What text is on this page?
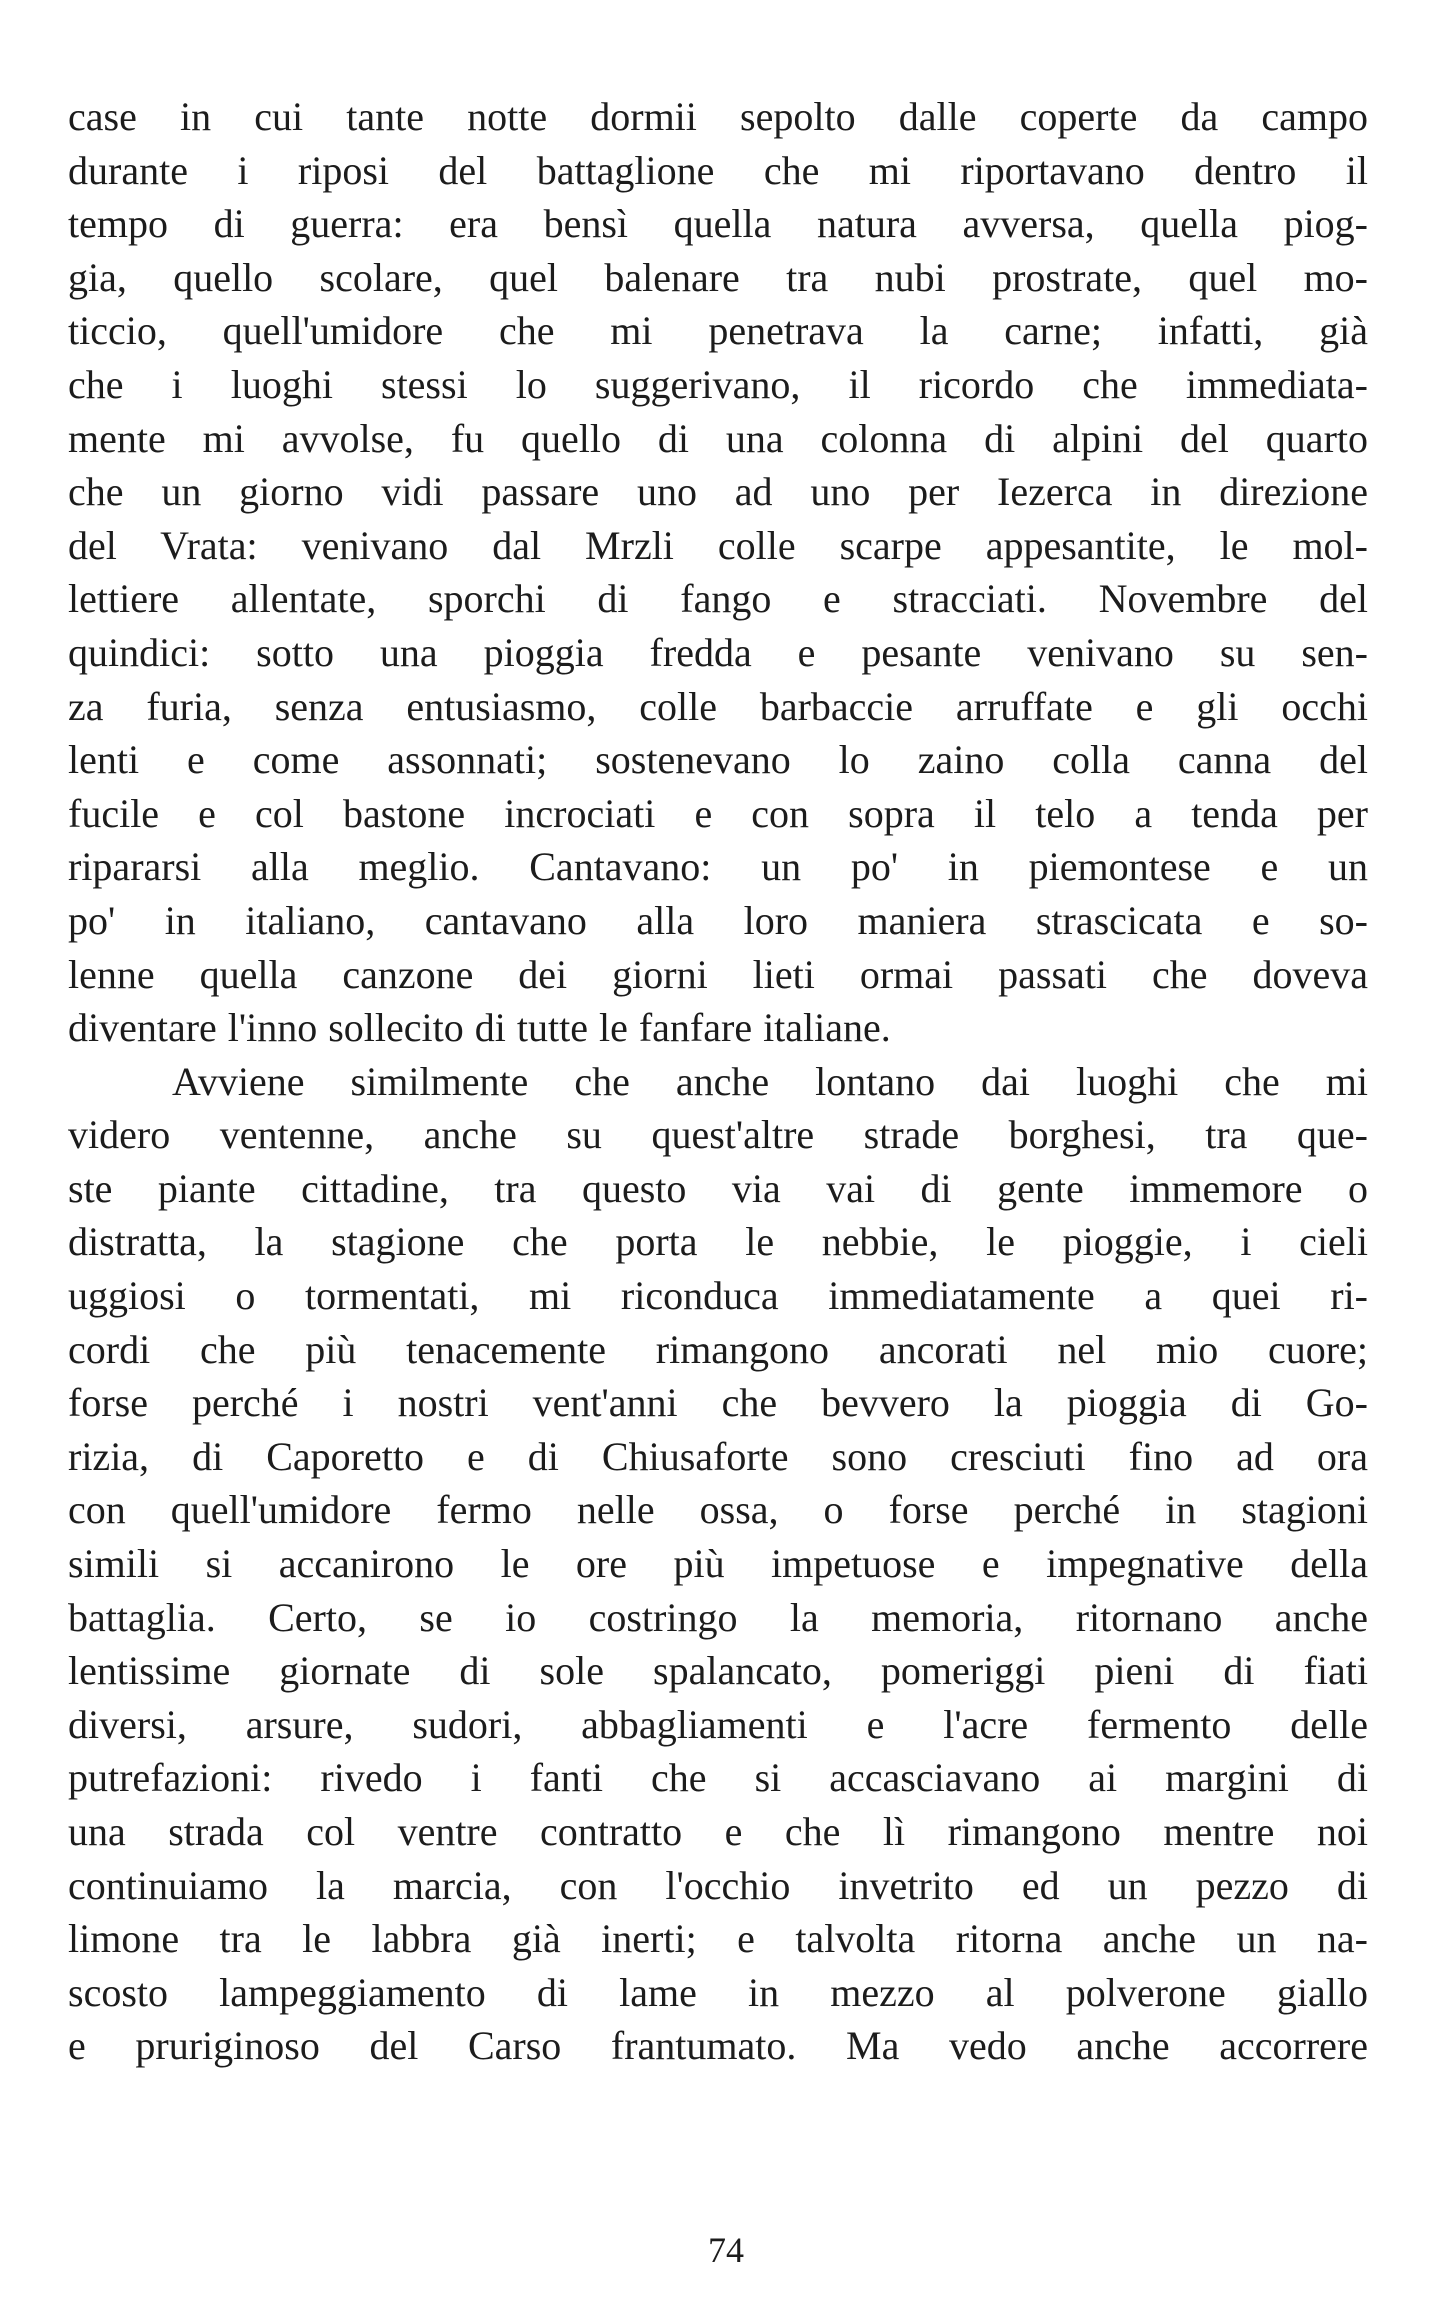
case in cui tante notte dormii sepolto dalle coperte da campo
durante i riposi del battaglione che mi riportavano dentro il
tempo di guerra: era bensì quella natura avversa, quella piog-
gia, quello scolare, quel balenare tra nubi prostrate, quel mo-
ticcio, quell'umidore che mi penetrava la carne; infatti, già
che i luoghi stessi lo suggerivano, il ricordo che immediata-
mente mi avvolse, fu quello di una colonna di alpini del quarto
che un giorno vidi passare uno ad uno per Iezerca in direzione
del Vrata: venivano dal Mrzli colle scarpe appesantite, le mol-
lettiere allentate, sporchi di fango e stracciati. Novembre del
quindici: sotto una pioggia fredda e pesante venivano su sen-
za furia, senza entusiasmo, colle barbaccie arruffate e gli occhi
lenti e come assonnati; sostenevano lo zaino colla canna del
fucile e col bastone incrociati e con sopra il telo a tenda per
ripararsi alla meglio. Cantavano: un po' in piemontese e un
po' in italiano, cantavano alla loro maniera strascicata e so-
lenne quella canzone dei giorni lieti ormai passati che doveva
diventare l'inno sollecito di tutte le fanfare italiane.
Avviene similmente che anche lontano dai luoghi che mi
videro ventenne, anche su quest'altre strade borghesi, tra que-
ste piante cittadine, tra questo via vai di gente immemore o
distratta, la stagione che porta le nebbie, le pioggie, i cieli
uggiosi o tormentati, mi riconduca immediatamente a quei ri-
cordi che più tenacemente rimangono ancorati nel mio cuore;
forse perché i nostri vent'anni che bevvero la pioggia di Go-
rizia, di Caporetto e di Chiusaforte sono cresciuti fino ad ora
con quell'umidore fermo nelle ossa, o forse perché in stagioni
simili si accanirono le ore più impetuose e impegnative della
battaglia. Certo, se io costringo la memoria, ritornano anche
lentissime giornate di sole spalancato, pomeriggi pieni di fiati
diversi, arsure, sudori, abbagliamenti e l'acre fermento delle
putrefazioni: rivedo i fanti che si accasciavano ai margini di
una strada col ventre contratto e che lì rimangono mentre noi
continuiamo la marcia, con l'occhio invetrito ed un pezzo di
limone tra le labbra già inerti; e talvolta ritorna anche un na-
scosto lampeggiamento di lame in mezzo al polverone giallo
e pruriginoso del Carso frantumato. Ma vedo anche accorrere
74
